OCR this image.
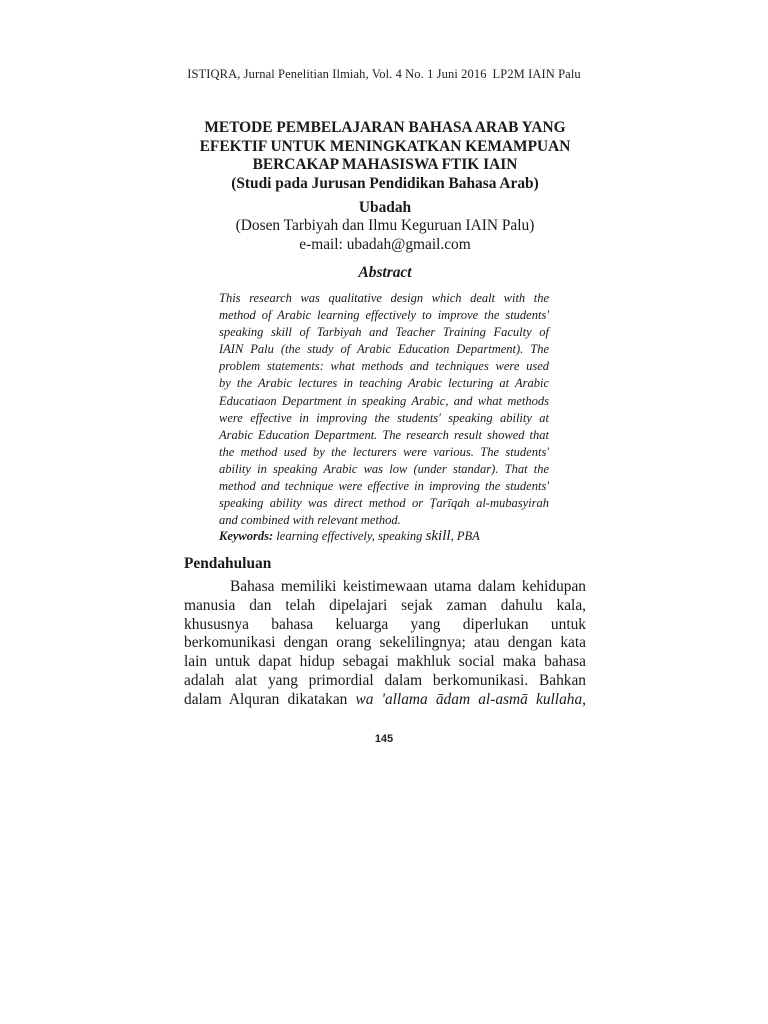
ISTIQRA, Jurnal Penelitian Ilmiah, Vol. 4 No. 1 Juni 2016 LP2M IAIN Palu
METODE PEMBELAJARAN BAHASA ARAB YANG
EFEKTIF UNTUK MENINGKATKAN KEMAMPUAN
BERCAKAP MAHASISWA FTIK IAIN
(Studi pada Jurusan Pendidikan Bahasa Arab)
Ubadah
(Dosen Tarbiyah dan Ilmu Keguruan IAIN Palu)
e-mail: ubadah@gmail.com
Abstract
This research was qualitative design which dealt with the
method of Arabic learning effectively to improve the students'
speaking skill of Tarbiyah and Teacher Training Faculty of
IAIN Palu (the study of Arabic Education Department). The
problem statements: what methods and techniques were used
by the Arabic lectures in teaching Arabic lecturing at Arabic
Educatiaon Department in speaking Arabic, and what methods
were effective in improving the students' speaking ability at
Arabic Education Department. The research result showed that
the method used by the lecturers were various. The students'
ability in speaking Arabic was low (under standar). That the
method and technique were effective in improving the students'
speaking ability was direct method or Ṭarīqah al-mubasyirah
and combined with relevant method.
Keywords: learning effectively, speaking skill, PBA
Pendahuluan
Bahasa memiliki keistimewaan utama dalam kehidupan
manusia dan telah dipelajari sejak zaman dahulu kala,
khususnya bahasa keluarga yang diperlukan untuk
berkomunikasi dengan orang sekelilingnya; atau dengan kata
lain untuk dapat hidup sebagai makhluk social maka bahasa
adalah alat yang primordial dalam berkomunikasi. Bahkan
dalam Alquran dikatakan wa 'allama ādam al-asmā kullaha,
145
